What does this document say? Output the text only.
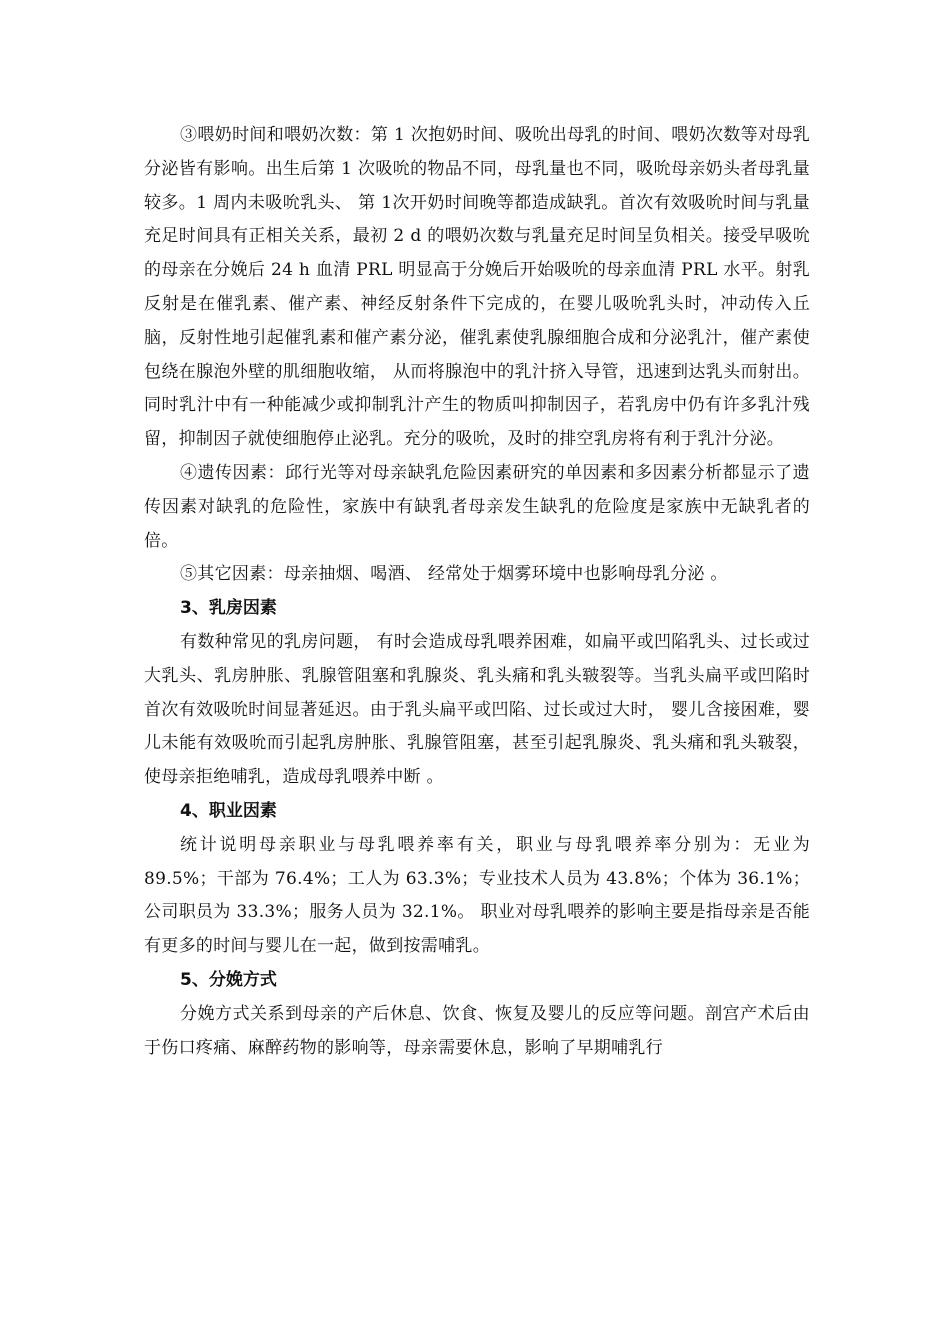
③喂奶时间和喂奶次数：第 1 次抱奶时间、吸吮出母乳的时间、喂奶次数等对母乳分泌皆有影响。出生后第 1 次吸吮的物品不同，母乳量也不同，吸吮母亲奶头者母乳量较多。1 周内未吸吮乳头、 第 1次开奶时间晚等都造成缺乳。首次有效吸吮时间与乳量充足时间具有正相关关系，最初 2 d 的喂奶次数与乳量充足时间呈负相关。接受早吸吮的母亲在分娩后 24 h 血清 PRL 明显高于分娩后开始吸吮的母亲血清 PRL 水平。射乳反射是在催乳素、催产素、神经反射条件下完成的，在婴儿吸吮乳头时，冲动传入丘脑，反射性地引起催乳素和催产素分泌，催乳素使乳腺细胞合成和分泌乳汁，催产素使包绕在腺泡外壁的肌细胞收缩， 从而将腺泡中的乳汁挤入导管，迅速到达乳头而射出。同时乳汁中有一种能减少或抑制乳汁产生的物质叫抑制因子，若乳房中仍有许多乳汁残留，抑制因子就使细胞停止泌乳。充分的吸吮，及时的排空乳房将有利于乳汁分泌。

④遗传因素：邱行光等对母亲缺乳危险因素研究的单因素和多因素分析都显示了遗传因素对缺乳的危险性，家族中有缺乳者母亲发生缺乳的危险度是家族中无缺乳者的 倍。

⑤其它因素：母亲抽烟、喝酒、 经常处于烟雾环境中也影响母乳分泌 。

3、乳房因素

有数种常见的乳房问题， 有时会造成母乳喂养困难，如扁平或凹陷乳头、过长或过大乳头、乳房肿胀、乳腺管阻塞和乳腺炎、乳头痛和乳头皲裂等。当乳头扁平或凹陷时首次有效吸吮时间显著延迟。由于乳头扁平或凹陷、过长或过大时， 婴儿含接困难，婴儿未能有效吸吮而引起乳房肿胀、乳腺管阻塞，甚至引起乳腺炎、乳头痛和乳头皲裂，使母亲拒绝哺乳，造成母乳喂养中断 。

4、职业因素

统计说明母亲职业与母乳喂养率有关，职业与母乳喂养率分别为：无业为 89.5%；干部为 76.4%；工人为 63.3%；专业技术人员为 43.8%；个体为 36.1%；公司职员为 33.3%；服务人员为 32.1%。 职业对母乳喂养的影响主要是指母亲是否能有更多的时间与婴儿在一起，做到按需哺乳。

5、分娩方式

分娩方式关系到母亲的产后休息、饮食、恢复及婴儿的反应等问题。剖宫产术后由于伤口疼痛、麻醉药物的影响等，母亲需要休息，影响了早期哺乳行
